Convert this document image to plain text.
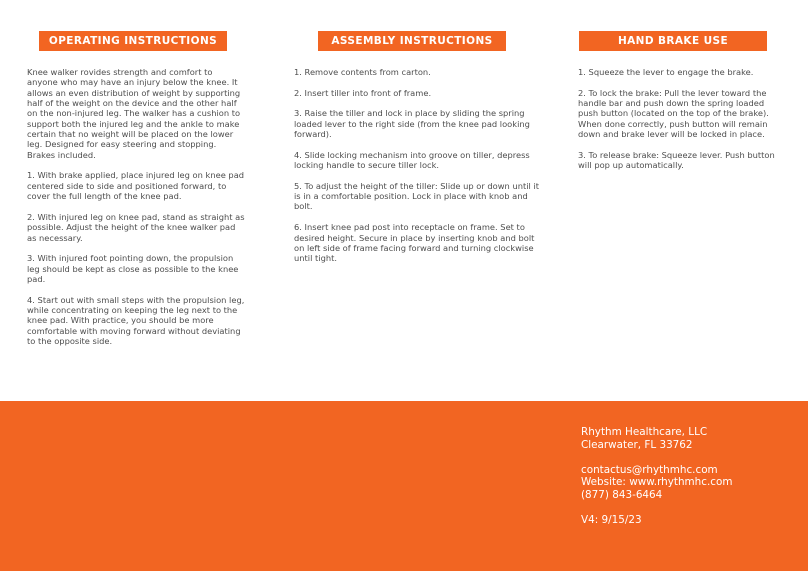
OPERATING INSTRUCTIONS	ASSEMBLY INSTRUCTIONS	HAND BRAKE USE

Knee walker rovides strength and comfort to anyone who may have an injury below the knee. It allows an even distribution of weight by supporting half of the weight on the device and the other half on the non-injured leg. The walker has a cushion to support both the injured leg and the ankle to make certain that no weight will be placed on the lower leg. Designed for easy steering and stopping. Brakes included.

1. With brake applied, place injured leg on knee pad centered side to side and positioned forward, to cover the full length of the knee pad.

2. With injured leg on knee pad, stand as straight as possible. Adjust the height of the knee walker pad as necessary.

3. With injured foot pointing down, the propulsion leg should be kept as close as possible to the knee pad.

4. Start out with small steps with the propulsion leg, while concentrating on keeping the leg next to the knee pad. With practice, you should be more comfortable with moving forward without deviating to the opposite side.

1. Remove contents from carton.

2. Insert tiller into front of frame.

3. Raise the tiller and lock in place by sliding the spring loaded lever to the right side (from the knee pad looking forward).

4. Slide locking mechanism into groove on tiller, depress locking handle to secure tiller lock.

5. To adjust the height of the tiller: Slide up or down until it is in a comfortable position. Lock in place with knob and bolt.

6. Insert knee pad post into receptacle on frame. Set to desired height. Secure in place by inserting knob and bolt on left side of frame facing forward and turning clockwise until tight.

1. Squeeze the lever to engage the brake.

2. To lock the brake: Pull the lever toward the handle bar and push down the spring loaded push button (located on the top of the brake). When done correctly, push button will remain down and brake lever will be locked in place.

3. To release brake: Squeeze lever. Push button will pop up automatically.

Rhythm Healthcare, LLC
Clearwater, FL 33762
contactus@rhythmhc.com
Website: www.rhythmhc.com
(877) 843-6464
V4: 9/15/23
